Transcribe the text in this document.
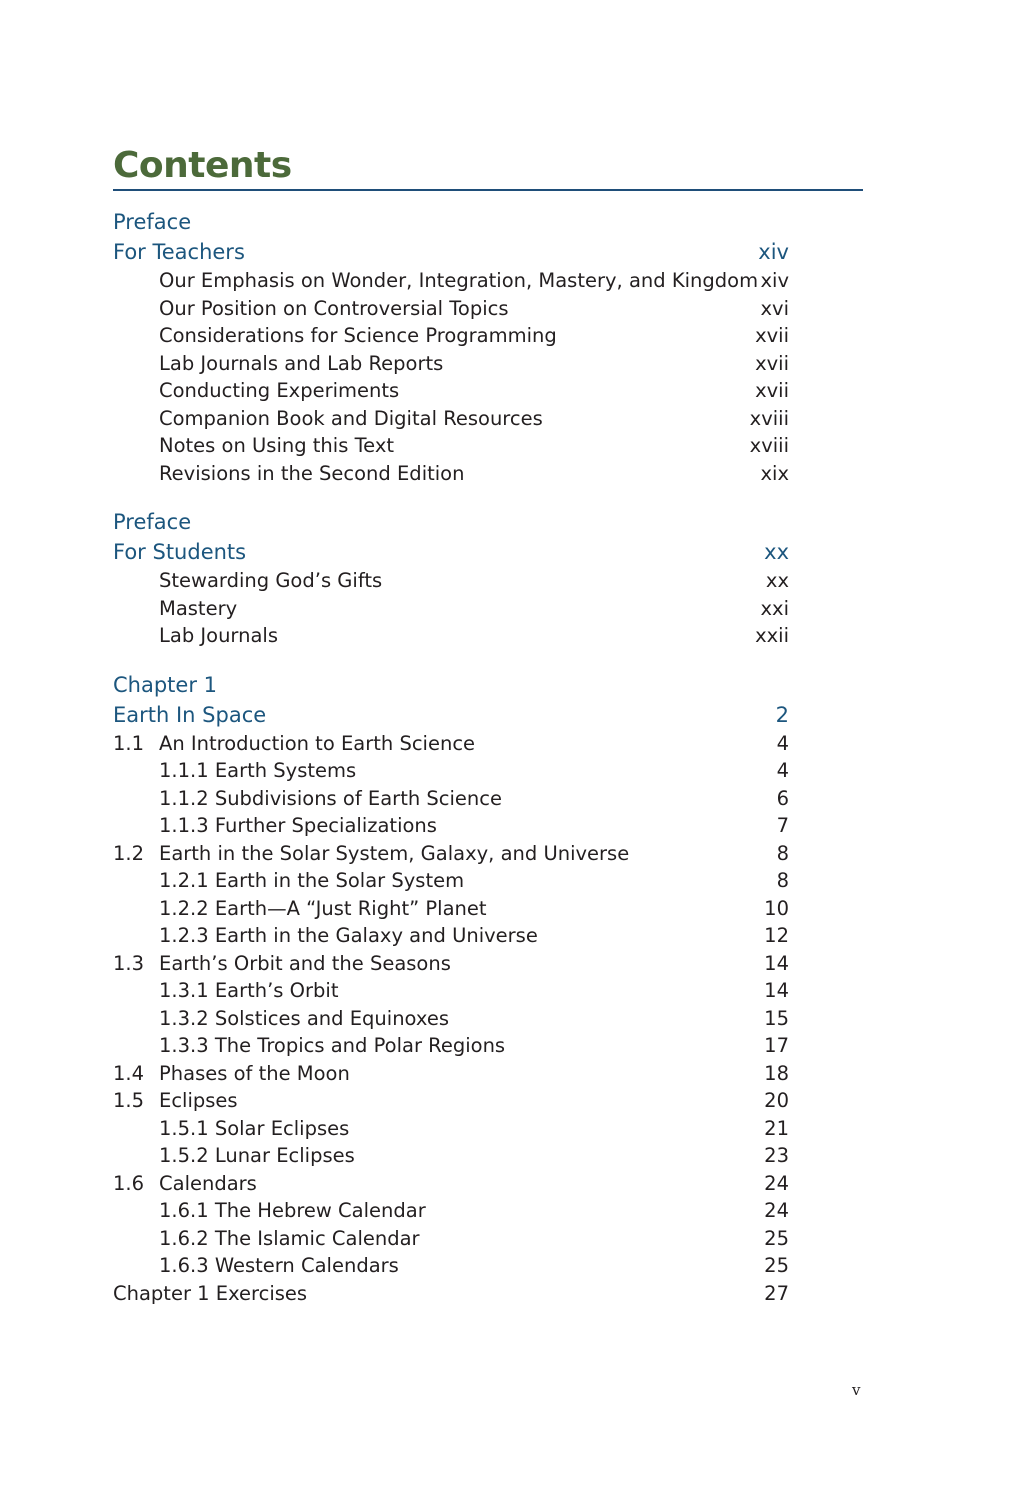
Contents
Preface
For Teachers	xiv
Our Emphasis on Wonder, Integration, Mastery, and Kingdom xiv
Our Position on Controversial Topics	xvi
Considerations for Science Programming	xvii
Lab Journals and Lab Reports	xvii
Conducting Experiments	xvii
Companion Book and Digital Resources	xviii
Notes on Using this Text	xviii
Revisions in the Second Edition	xix
Preface
For Students	xx
Stewarding God’s Gifts	xx
Mastery	xxi
Lab Journals	xxii
Chapter 1
Earth In Space	2
1.1 An Introduction to Earth Science	4
1.1.1 Earth Systems	4
1.1.2 Subdivisions of Earth Science	6
1.1.3 Further Specializations	7
1.2 Earth in the Solar System, Galaxy, and Universe	8
1.2.1 Earth in the Solar System	8
1.2.2 Earth—A “Just Right” Planet	10
1.2.3 Earth in the Galaxy and Universe	12
1.3 Earth’s Orbit and the Seasons	14
1.3.1 Earth’s Orbit	14
1.3.2 Solstices and Equinoxes	15
1.3.3 The Tropics and Polar Regions	17
1.4 Phases of the Moon	18
1.5 Eclipses	20
1.5.1 Solar Eclipses	21
1.5.2 Lunar Eclipses	23
1.6 Calendars	24
1.6.1 The Hebrew Calendar	24
1.6.2 The Islamic Calendar	25
1.6.3 Western Calendars	25
Chapter 1 Exercises	27
v
